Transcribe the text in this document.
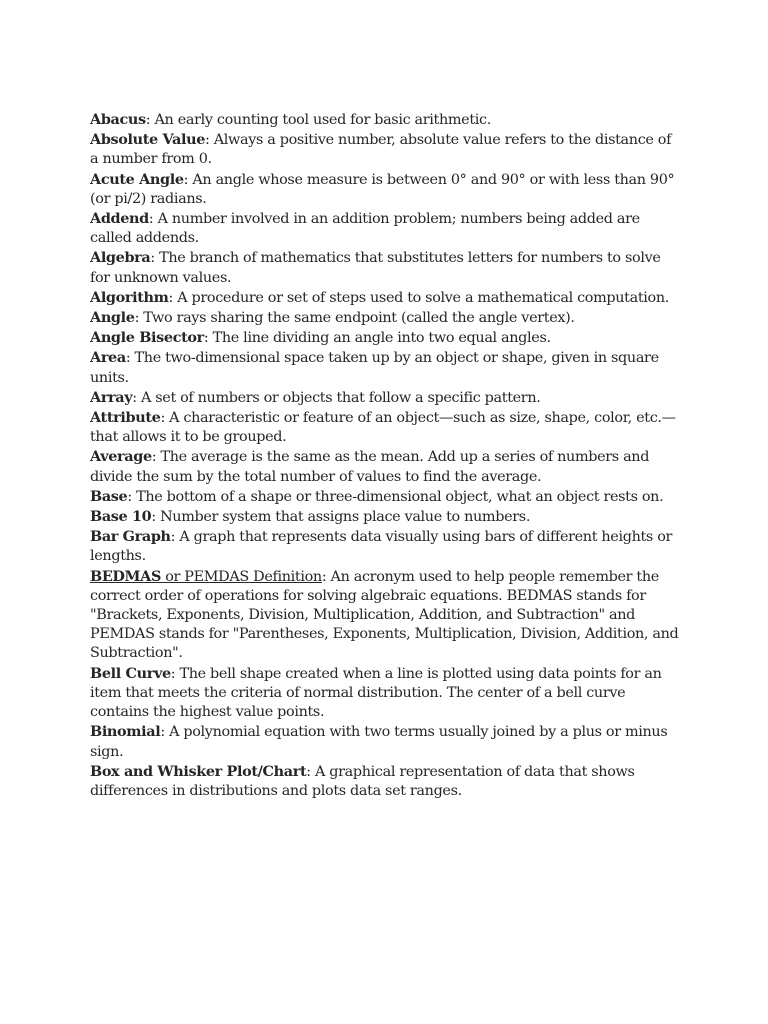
Abacus: An early counting tool used for basic arithmetic.

Absolute Value: Always a positive number, absolute value refers to the distance of a number from 0.

Acute Angle: An angle whose measure is between 0° and 90° or with less than 90° (or pi/2) radians.

Addend: A number involved in an addition problem; numbers being added are called addends.

Algebra: The branch of mathematics that substitutes letters for numbers to solve for unknown values.

Algorithm: A procedure or set of steps used to solve a mathematical computation.

Angle: Two rays sharing the same endpoint (called the angle vertex).

Angle Bisector: The line dividing an angle into two equal angles.

Area: The two-dimensional space taken up by an object or shape, given in square units.

Array: A set of numbers or objects that follow a specific pattern.

Attribute: A characteristic or feature of an object—such as size, shape, color, etc.—that allows it to be grouped.

Average: The average is the same as the mean. Add up a series of numbers and divide the sum by the total number of values to find the average.

Base: The bottom of a shape or three-dimensional object, what an object rests on.

Base 10: Number system that assigns place value to numbers.

Bar Graph: A graph that represents data visually using bars of different heights or lengths.

BEDMAS or PEMDAS Definition: An acronym used to help people remember the correct order of operations for solving algebraic equations. BEDMAS stands for "Brackets, Exponents, Division, Multiplication, Addition, and Subtraction" and PEMDAS stands for "Parentheses, Exponents, Multiplication, Division, Addition, and Subtraction".

Bell Curve: The bell shape created when a line is plotted using data points for an item that meets the criteria of normal distribution. The center of a bell curve contains the highest value points.

Binomial: A polynomial equation with two terms usually joined by a plus or minus sign.

Box and Whisker Plot/Chart: A graphical representation of data that shows differences in distributions and plots data set ranges.
